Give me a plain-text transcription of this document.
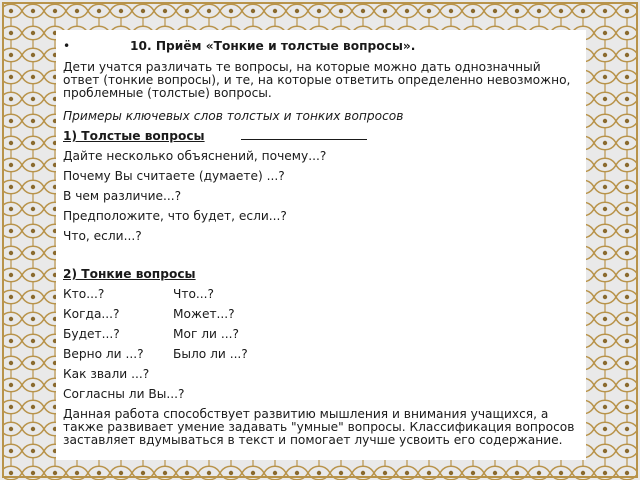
•	10. Приём «Тонкие и толстые вопросы».

Дети учатся различать те вопросы, на которые можно дать однозначный ответ (тонкие вопросы), и те, на которые ответить определенно невозможно, проблемные (толстые) вопросы.

Примеры ключевых слов толстых и тонких вопросов

1) Толстые вопросы

Дайте несколько объяснений, почему...?

Почему Вы считаете (думаете) ...?

В чем различие...?

Предположите, что будет, если...?

Что, если...?

2) Тонкие вопросы

Кто...?	Что...?

Когда...?	Может...?

Будет...?	Мог ли ...?

Верно ли ...? Было ли ...?

Как звали ...?

Согласны ли Вы...?

Данная работа способствует развитию мышления и внимания учащихся, а также развивает умение задавать "умные" вопросы. Классификация вопросов заставляет вдумываться в текст и помогает лучше усвоить его содержание.
